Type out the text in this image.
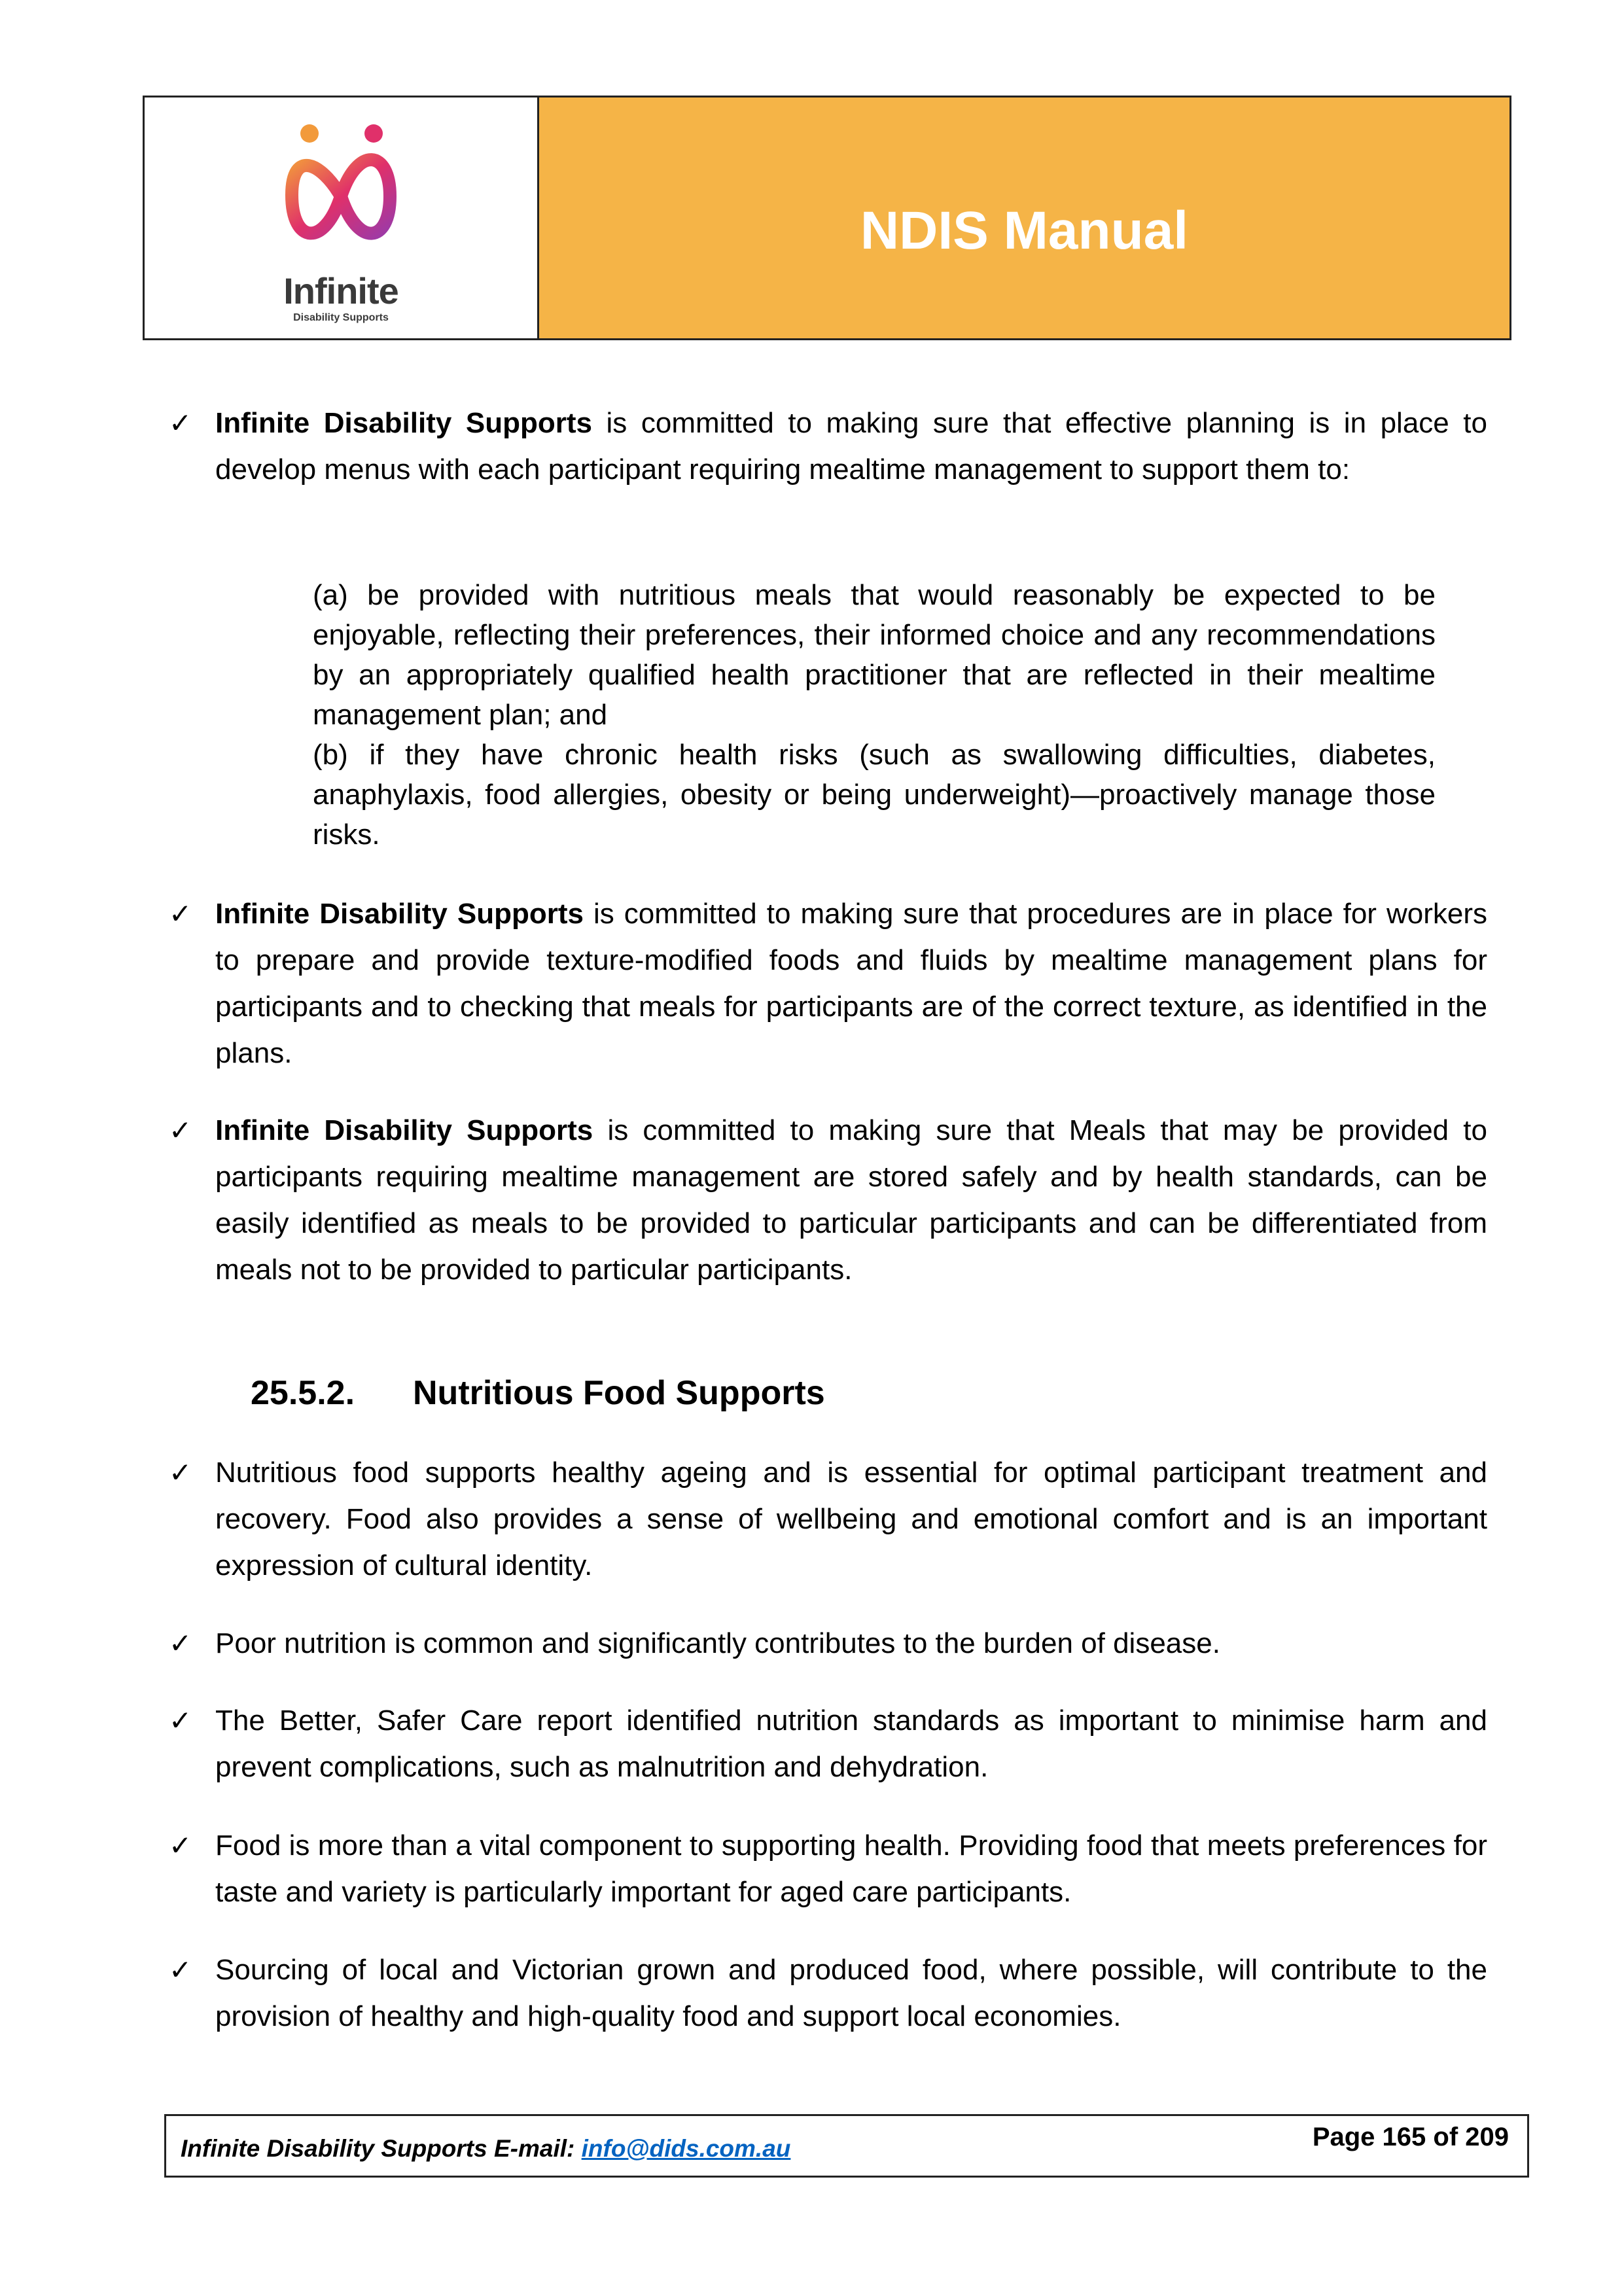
Infinite
Disability Supports
NDIS Manual
✓ Infinite Disability Supports is committed to making sure that effective planning is in place to develop menus with each participant requiring mealtime management to support them to:
(a) be provided with nutritious meals that would reasonably be expected to be enjoyable, reflecting their preferences, their informed choice and any recommendations by an appropriately qualified health practitioner that are reflected in their mealtime management plan; and
(b) if they have chronic health risks (such as swallowing difficulties, diabetes, anaphylaxis, food allergies, obesity or being underweight)—proactively manage those risks.
✓ Infinite Disability Supports is committed to making sure that procedures are in place for workers to prepare and provide texture-modified foods and fluids by mealtime management plans for participants and to checking that meals for participants are of the correct texture, as identified in the plans.
✓ Infinite Disability Supports is committed to making sure that Meals that may be provided to participants requiring mealtime management are stored safely and by health standards, can be easily identified as meals to be provided to particular participants and can be differentiated from meals not to be provided to particular participants.
25.5.2. Nutritious Food Supports
✓ Nutritious food supports healthy ageing and is essential for optimal participant treatment and recovery. Food also provides a sense of wellbeing and emotional comfort and is an important expression of cultural identity.
✓ Poor nutrition is common and significantly contributes to the burden of disease.
✓ The Better, Safer Care report identified nutrition standards as important to minimise harm and prevent complications, such as malnutrition and dehydration.
✓ Food is more than a vital component to supporting health. Providing food that meets preferences for taste and variety is particularly important for aged care participants.
✓ Sourcing of local and Victorian grown and produced food, where possible, will contribute to the provision of healthy and high-quality food and support local economies.
Infinite Disability Supports E-mail: info@dids.com.au	Page 165 of 209
